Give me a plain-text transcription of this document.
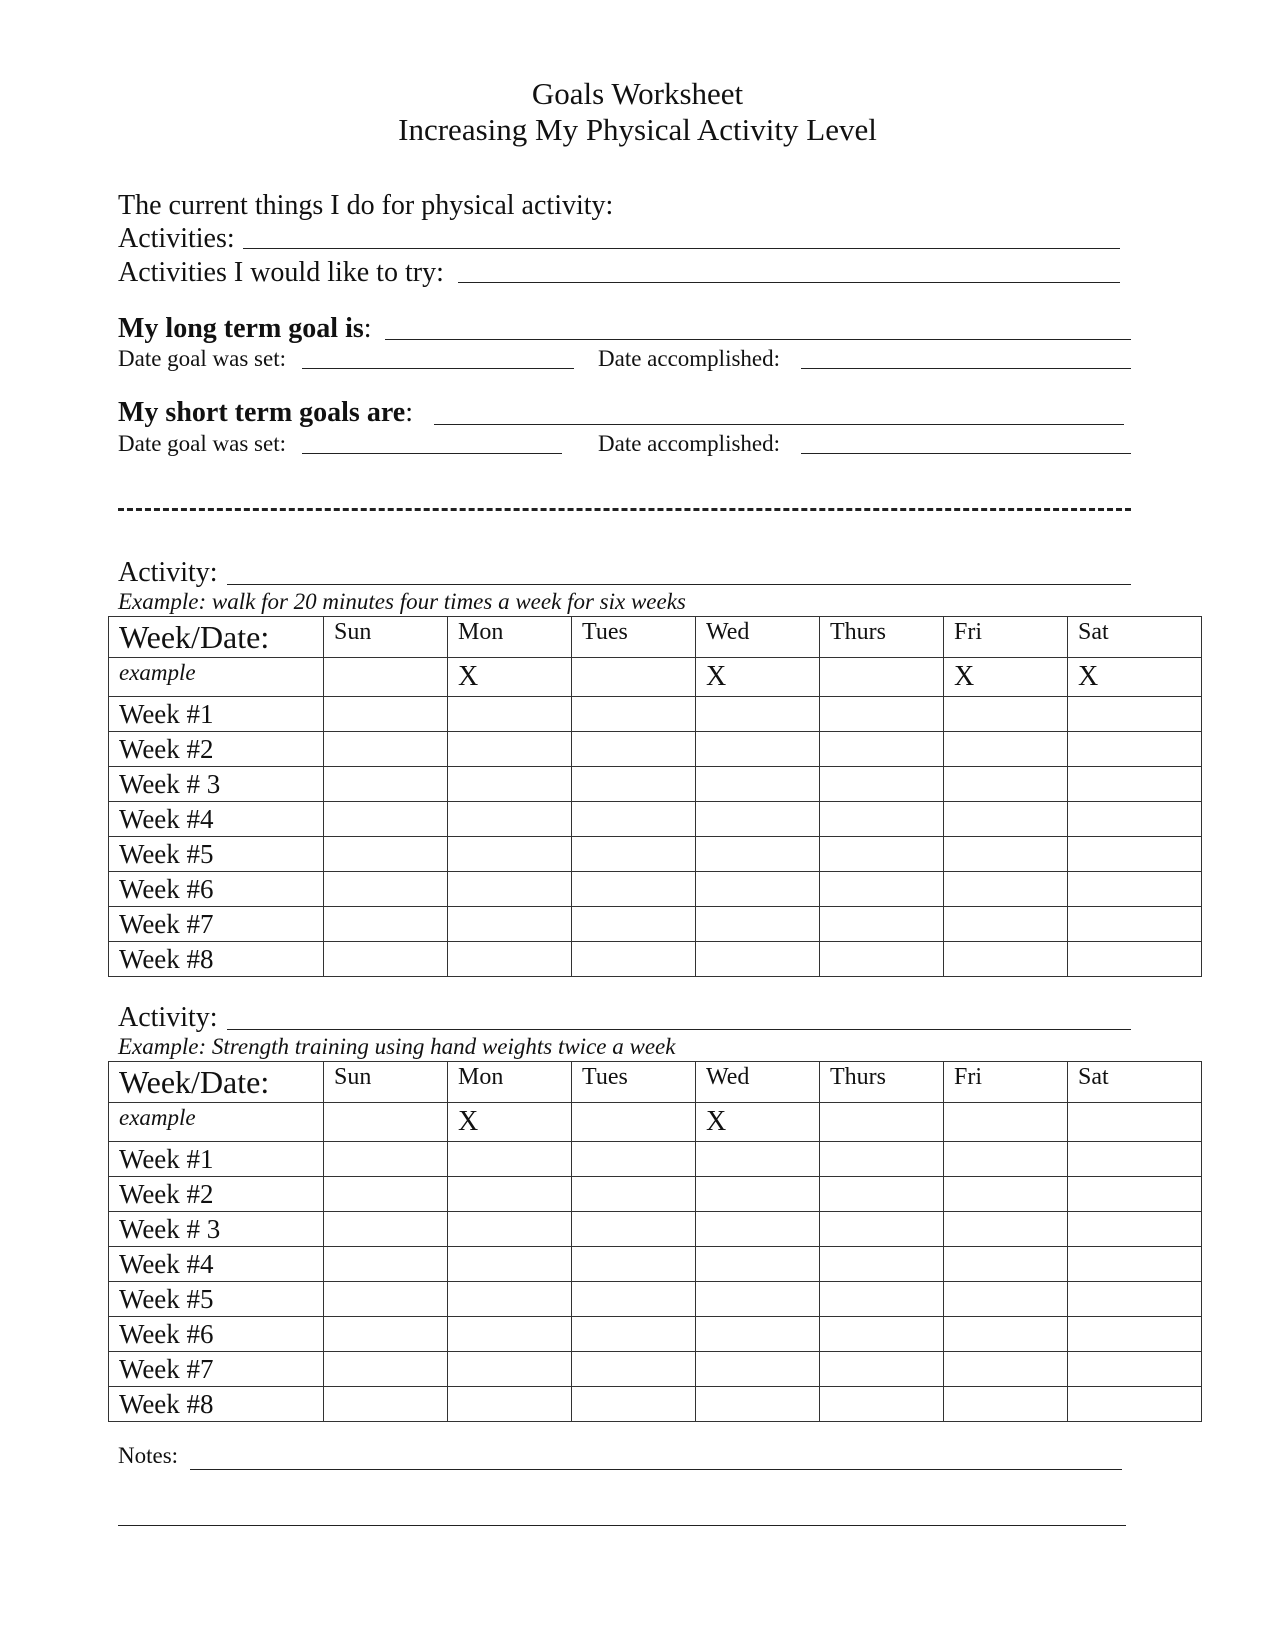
Goals Worksheet
Increasing My Physical Activity Level
The current things I do for physical activity:
Activities:
Activities I would like to try:
My long term goal is:
Date goal was set:	Date accomplished:
My short term goals are:
Date goal was set:	Date accomplished:
Activity:
Example: walk for 20 minutes four times a week for six weeks
Week/Date:	Sun	Mon	Tues	Wed	Thurs	Fri	Sat
example		X		X		X	X
Week #1							
Week #2							
Week # 3							
Week #4							
Week #5							
Week #6							
Week #7							
Week #8							
Activity:
Example: Strength training using hand weights twice a week
Week/Date:	Sun	Mon	Tues	Wed	Thurs	Fri	Sat
example		X		X			
Week #1							
Week #2							
Week # 3							
Week #4							
Week #5							
Week #6							
Week #7							
Week #8							
Notes:
